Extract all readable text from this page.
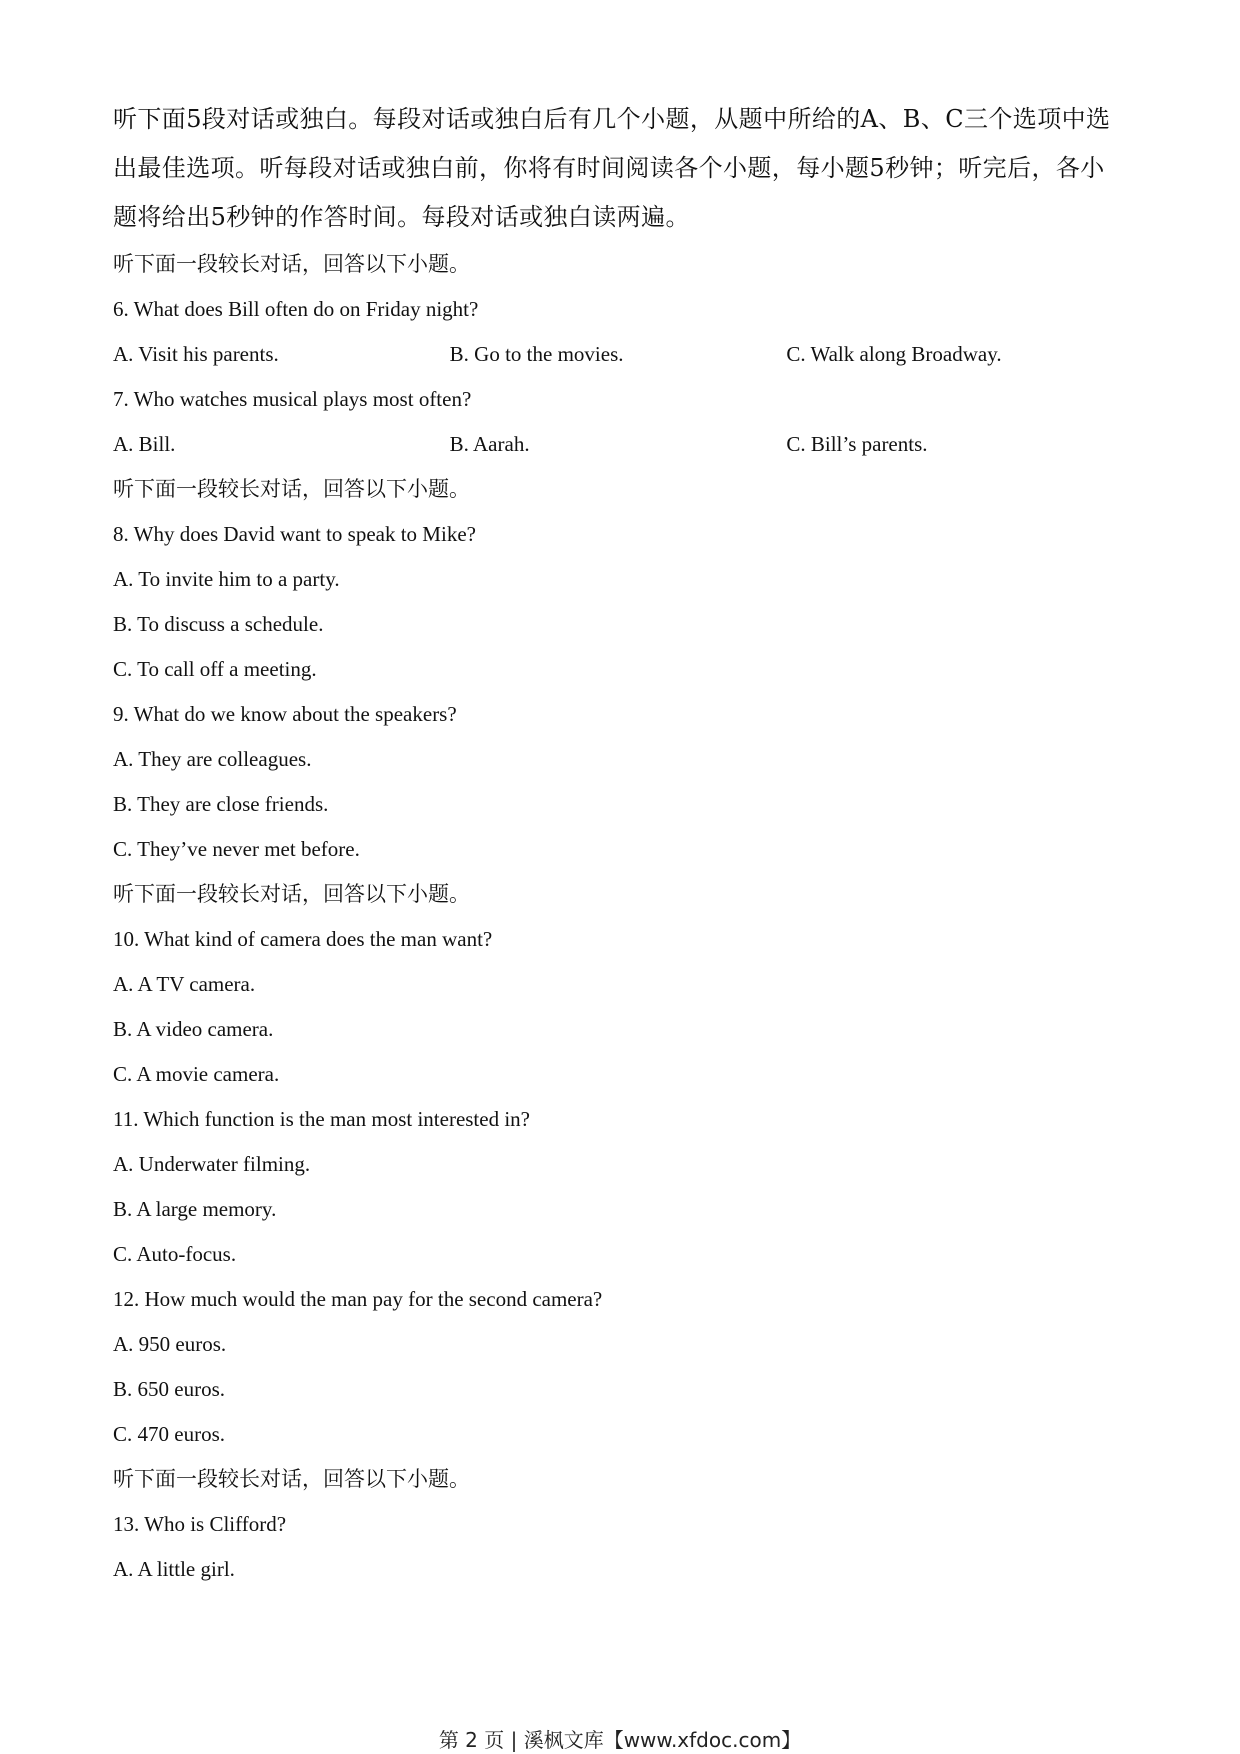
听下面5段对话或独白。每段对话或独白后有几个小题，从题中所给的A、B、C三个选项中选出最佳选项。听每段对话或独白前，你将有时间阅读各个小题，每小题5秒钟；听完后，各小题将给出5秒钟的作答时间。每段对话或独白读两遍。

听下面一段较长对话，回答以下小题。
6. What does Bill often do on Friday night?
A. Visit his parents.	B. Go to the movies.	C. Walk along Broadway.
7. Who watches musical plays most often?
A. Bill.	B. Aarah.	C. Bill’s parents.
听下面一段较长对话，回答以下小题。
8. Why does David want to speak to Mike?
A. To invite him to a party.
B. To discuss a schedule.
C. To call off a meeting.
9. What do we know about the speakers?
A. They are colleagues.
B. They are close friends.
C. They’ve never met before.
听下面一段较长对话，回答以下小题。
10. What kind of camera does the man want?
A. A TV camera.
B. A video camera.
C. A movie camera.
11. Which function is the man most interested in?
A. Underwater filming.
B. A large memory.
C. Auto-focus.
12. How much would the man pay for the second camera?
A. 950 euros.
B. 650 euros.
C. 470 euros.
听下面一段较长对话，回答以下小题。
13. Who is Clifford?
A. A little girl.
第 2 页 | 溪枫文库【www.xfdoc.com】
